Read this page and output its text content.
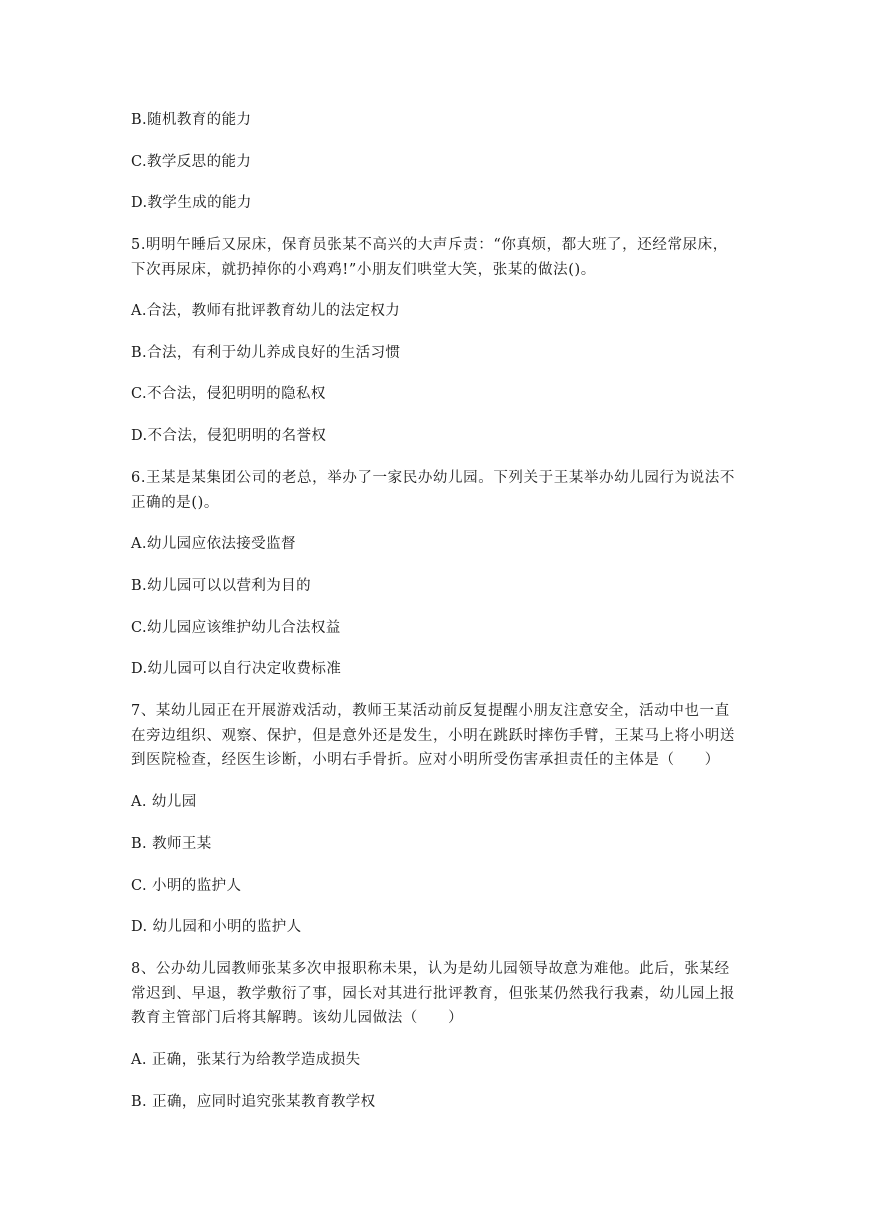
B.随机教育的能力
C.教学反思的能力
D.教学生成的能力
5.明明午睡后又尿床，保育员张某不高兴的大声斥责：“你真烦，都大班了，还经常尿床，
下次再尿床，就扔掉你的小鸡鸡!”小朋友们哄堂大笑，张某的做法()。
A.合法，教师有批评教育幼儿的法定权力
B.合法，有利于幼儿养成良好的生活习惯
C.不合法，侵犯明明的隐私权
D.不合法，侵犯明明的名誉权
6.王某是某集团公司的老总，举办了一家民办幼儿园。下列关于王某举办幼儿园行为说法不
正确的是()。
A.幼儿园应依法接受监督
B.幼儿园可以以营利为目的
C.幼儿园应该维护幼儿合法权益
D.幼儿园可以自行决定收费标准
7、某幼儿园正在开展游戏活动，教师王某活动前反复提醒小朋友注意安全，活动中也一直
在旁边组织、观察、保护，但是意外还是发生，小明在跳跃时摔伤手臂，王某马上将小明送
到医院检查，经医生诊断，小明右手骨折。应对小明所受伤害承担责任的主体是（　　）
A. 幼儿园
B. 教师王某
C. 小明的监护人
D. 幼儿园和小明的监护人
8、公办幼儿园教师张某多次申报职称未果，认为是幼儿园领导故意为难他。此后，张某经
常迟到、早退，教学敷衍了事，园长对其进行批评教育，但张某仍然我行我素，幼儿园上报
教育主管部门后将其解聘。该幼儿园做法（　　）
A. 正确，张某行为给教学造成损失
B. 正确，应同时追究张某教育教学权
